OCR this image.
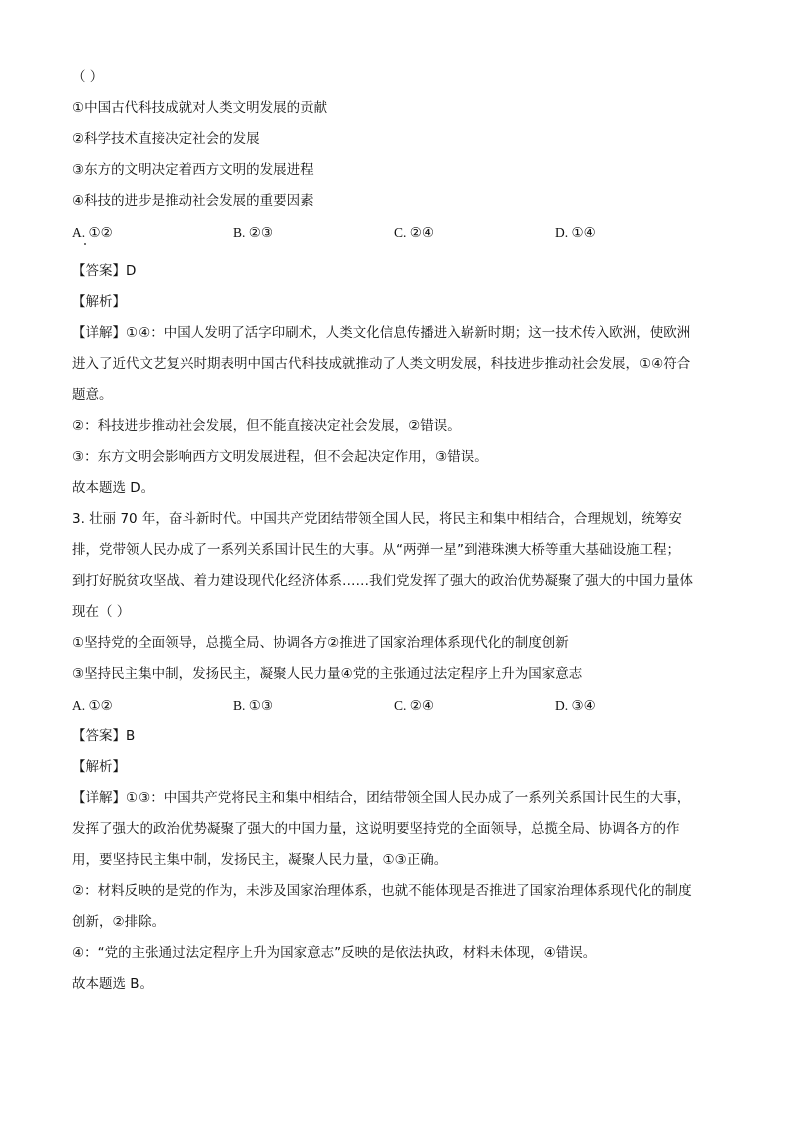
（ ）
①中国古代科技成就对人类文明发展的贡献
②科学技术直接决定社会的发展
③东方的文明决定着西方文明的发展进程
④科技的进步是推动社会发展的重要因素
A. ①②	B. ②③	C. ②④	D. ①④
【答案】D
【解析】
【详解】①④：中国人发明了活字印刷术，人类文化信息传播进入崭新时期；这一技术传入欧洲，使欧洲
进入了近代文艺复兴时期表明中国古代科技成就推动了人类文明发展，科技进步推动社会发展，①④符合
题意。
②：科技进步推动社会发展，但不能直接决定社会发展，②错误。
③：东方文明会影响西方文明发展进程，但不会起决定作用，③错误。
故本题选 D。
3. 壮丽 70 年，奋斗新时代。中国共产党团结带领全国人民，将民主和集中相结合，合理规划，统筹安
排，党带领人民办成了一系列关系国计民生的大事。从“两弹一星”到港珠澳大桥等重大基础设施工程；
到打好脱贫攻坚战、着力建设现代化经济体系……我们党发挥了强大的政治优势凝聚了强大的中国力量体
现在（ ）
①坚持党的全面领导，总揽全局、协调各方②推进了国家治理体系现代化的制度创新
③坚持民主集中制，发扬民主，凝聚人民力量④党的主张通过法定程序上升为国家意志
A. ①②	B. ①③	C. ②④	D. ③④
【答案】B
【解析】
【详解】①③：中国共产党将民主和集中相结合，团结带领全国人民办成了一系列关系国计民生的大事，
发挥了强大的政治优势凝聚了强大的中国力量，这说明要坚持党的全面领导，总揽全局、协调各方的作
用，要坚持民主集中制，发扬民主，凝聚人民力量，①③正确。
②：材料反映的是党的作为，未涉及国家治理体系，也就不能体现是否推进了国家治理体系现代化的制度
创新，②排除。
④：“党的主张通过法定程序上升为国家意志”反映的是依法执政，材料未体现，④错误。
故本题选 B。
